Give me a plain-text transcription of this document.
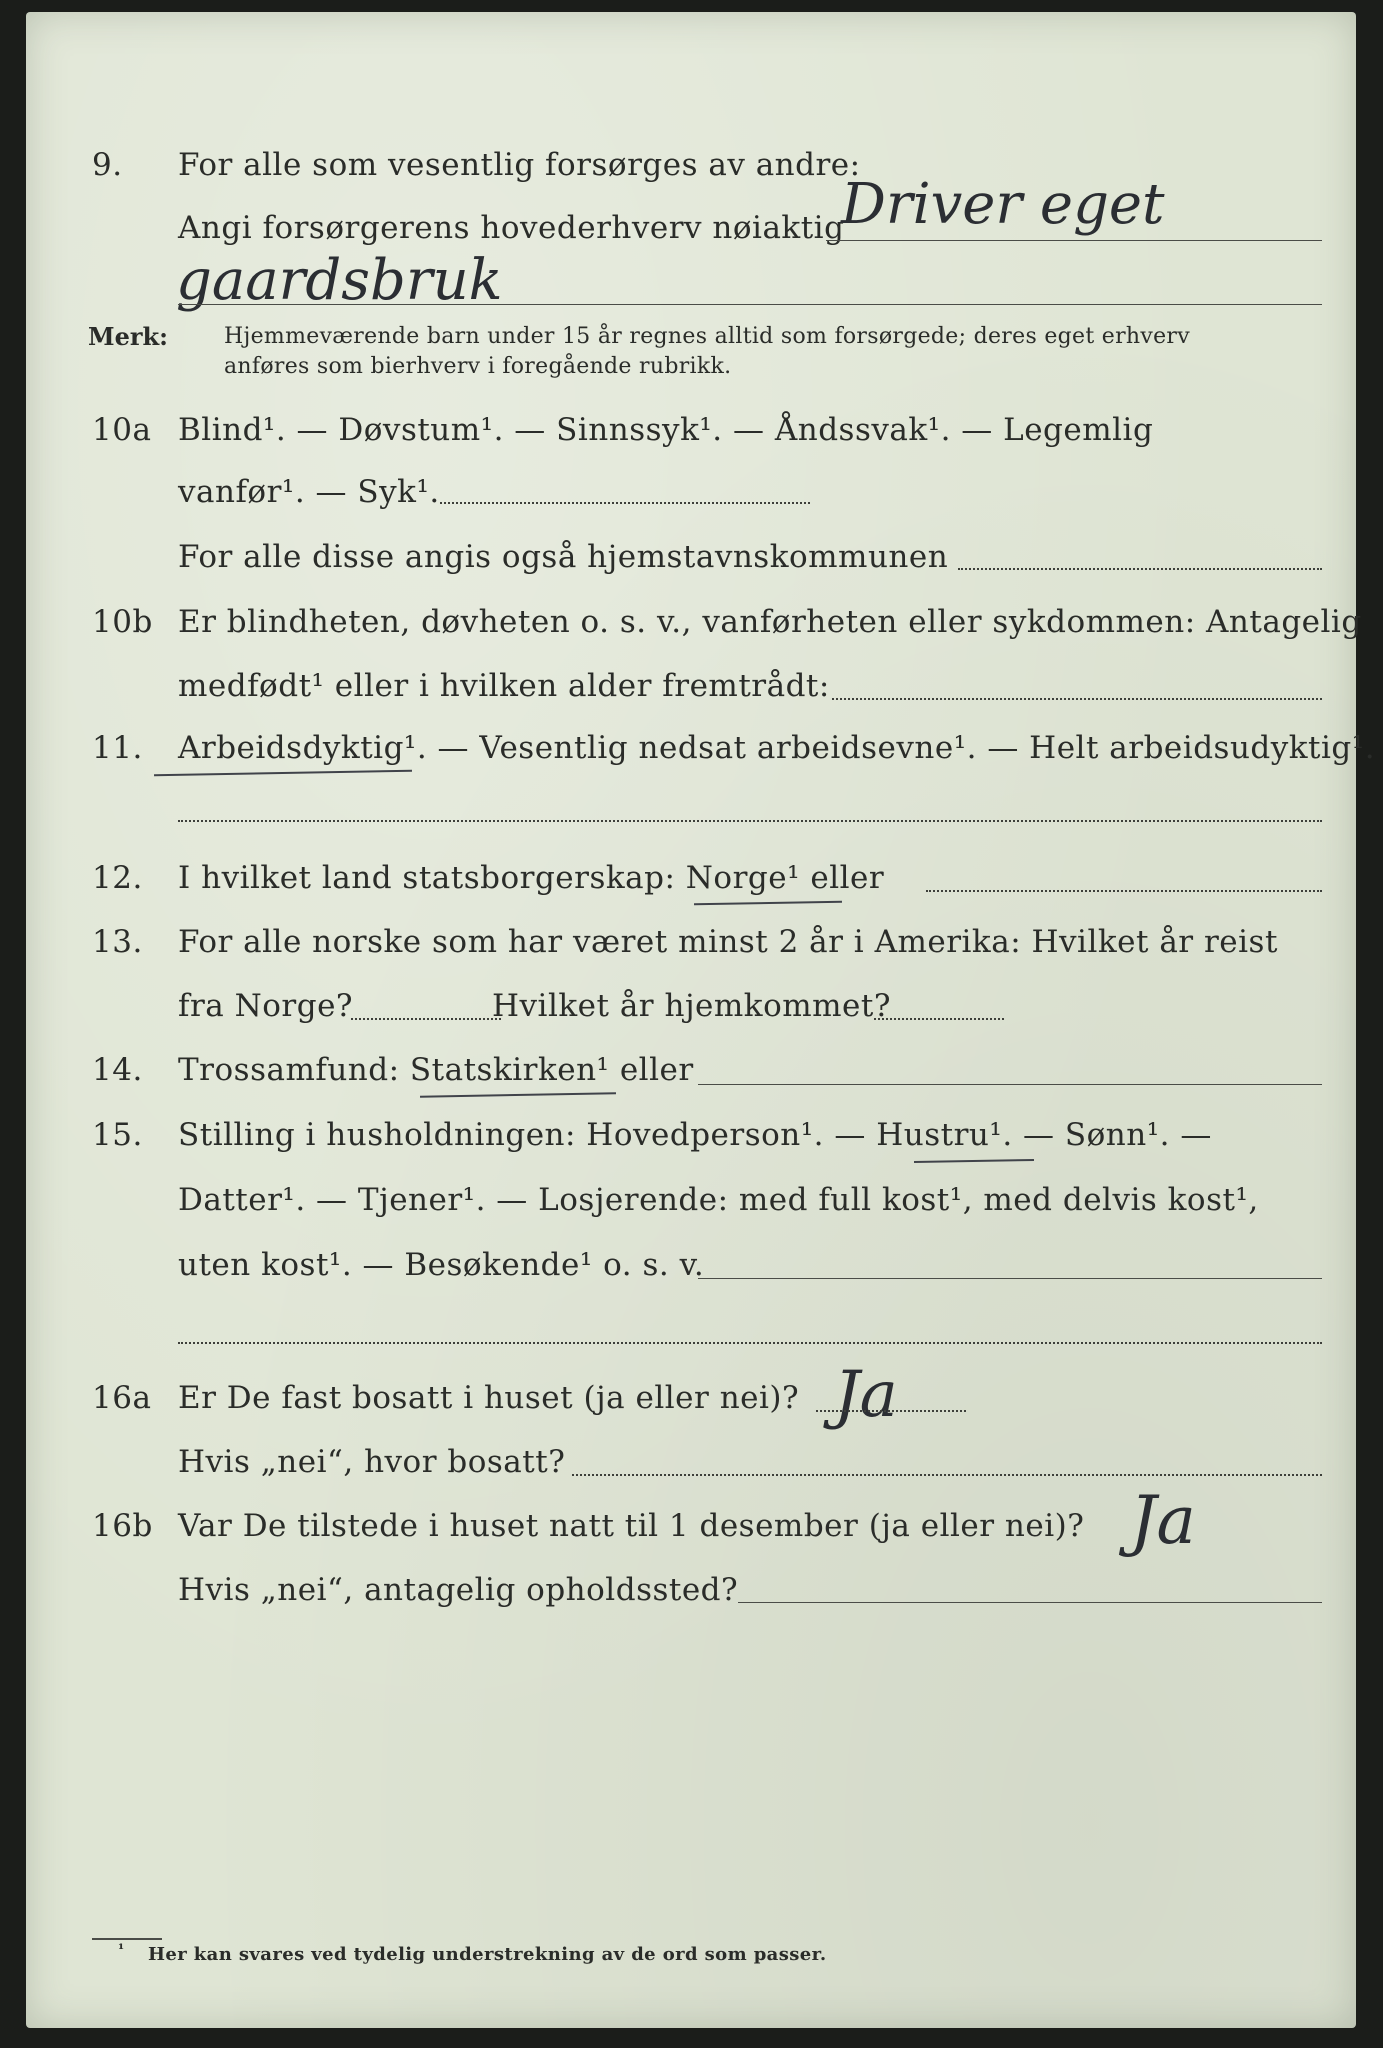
9. For alle som vesentlig forsørges av andre:
Angi forsørgerens hovederhverv nøiaktig
Driver eget
gaardsbruk
Merk:	Hjemmeværende barn under 15 år regnes alltid som forsørgede; deres eget erhverv
anføres som bierhverv i foregående rubrikk.
10a Blind¹. — Døvstum¹. — Sinnssyk¹. — Åndssvak¹. — Legemlig
vanfør¹. — Syk¹.
For alle disse angis også hjemstavnskommunen
10b Er blindheten, døvheten o. s. v., vanførheten eller sykdommen: Antagelig
medfødt¹ eller i hvilken alder fremtrådt:
11. Arbeidsdyktig¹. — Vesentlig nedsat arbeidsevne¹. — Helt arbeidsudyktig¹.
12. I hvilket land statsborgerskap: Norge¹ eller
13. For alle norske som har været minst 2 år i Amerika: Hvilket år reist
fra Norge?	Hvilket år hjemkommet?
14. Trossamfund: Statskirken¹ eller
15. Stilling i husholdningen: Hovedperson¹. — Hustru¹. — Sønn¹. —
Datter¹. — Tjener¹. — Losjerende: med full kost¹, med delvis kost¹,
uten kost¹. — Besøkende¹ o. s. v.
16a Er De fast bosatt i huset (ja eller nei)? Ja
Hvis „nei“, hvor bosatt?
16b Var De tilstede i huset natt til 1 desember (ja eller nei)? Ja
Hvis „nei“, antagelig opholdssted?
¹ Her kan svares ved tydelig understrekning av de ord som passer.
